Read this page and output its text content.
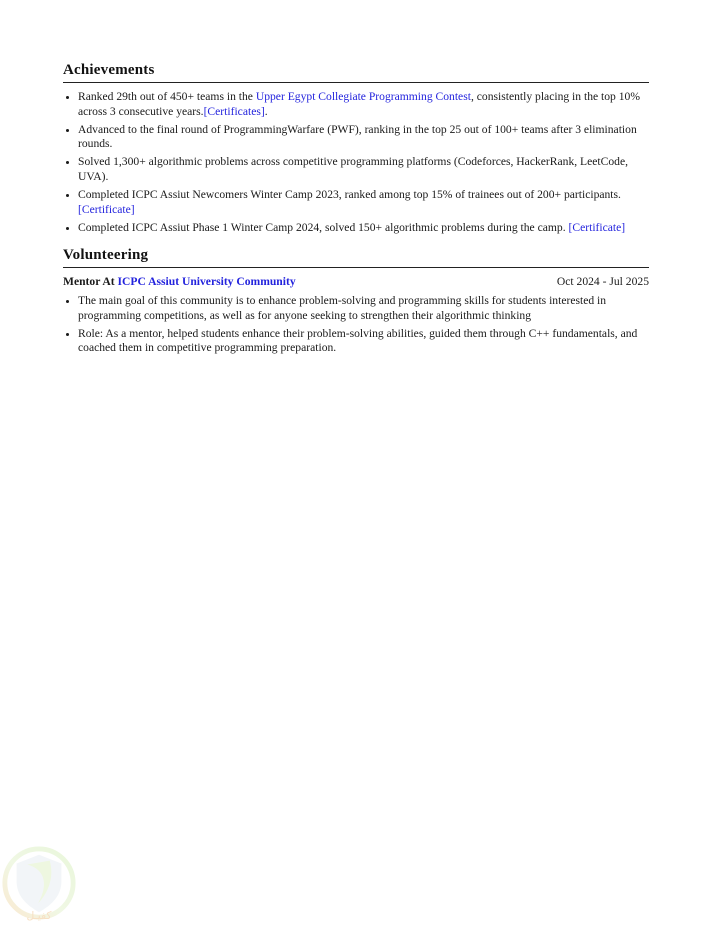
Achievements
• Ranked 29th out of 450+ teams in the Upper Egypt Collegiate Programming Contest, consistently placing in the top 10% across 3 consecutive years.[Certificates].
• Advanced to the final round of ProgrammingWarfare (PWF), ranking in the top 25 out of 100+ teams after 3 elimination rounds.
• Solved 1,300+ algorithmic problems across competitive programming platforms (Codeforces, HackerRank, LeetCode, UVA).
• Completed ICPC Assiut Newcomers Winter Camp 2023, ranked among top 15% of trainees out of 200+ participants.[Certificate]
• Completed ICPC Assiut Phase 1 Winter Camp 2024, solved 150+ algorithmic problems during the camp. [Certificate]
Volunteering
Mentor At ICPC Assiut University Community	Oct 2024 - Jul 2025
• The main goal of this community is to enhance problem-solving and programming skills for students interested in programming competitions, as well as for anyone seeking to strengthen their algorithmic thinking
• Role: As a mentor, helped students enhance their problem-solving abilities, guided them through C++ fundamentals, and coached them in competitive programming preparation.
كفيـل
